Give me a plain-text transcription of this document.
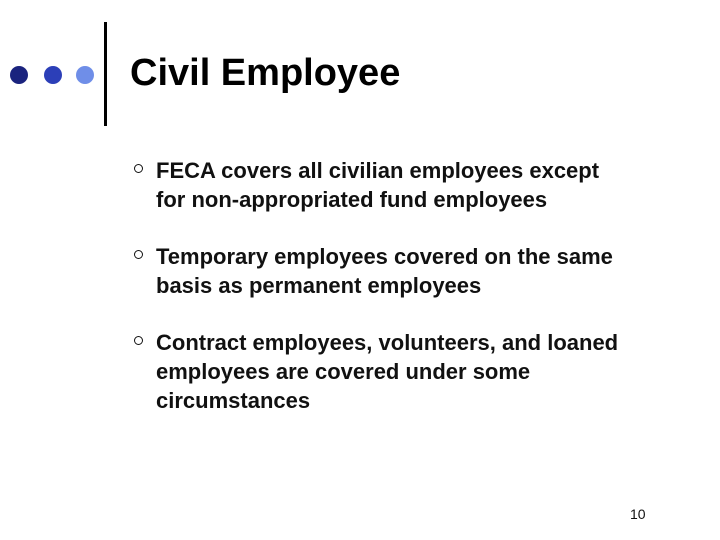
Civil Employee
FECA covers all civilian employees except
for non-appropriated fund employees
Temporary employees covered on the same
basis as permanent employees
Contract employees, volunteers, and loaned
employees are covered under some
circumstances
10
